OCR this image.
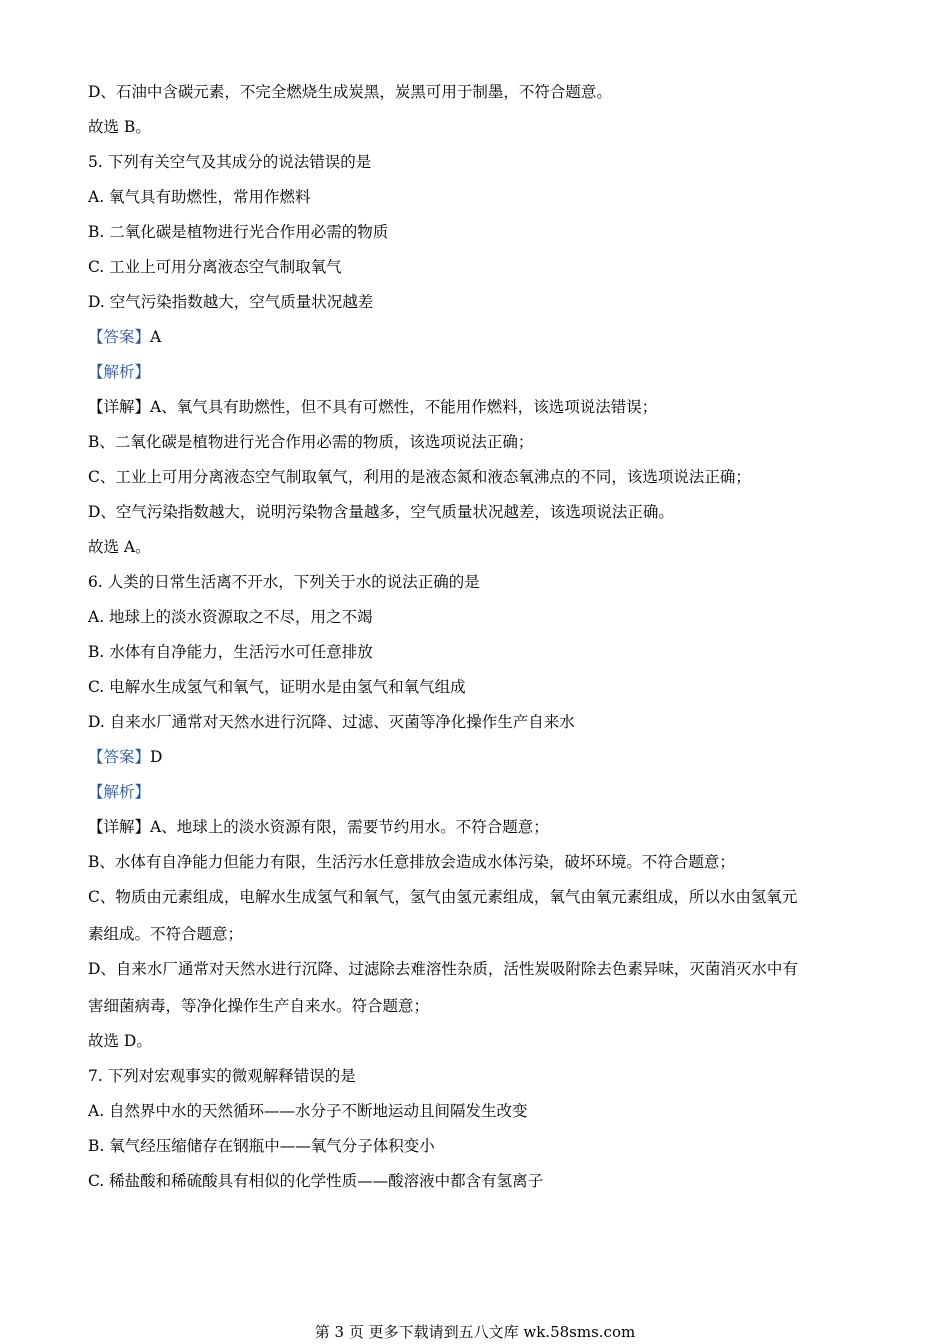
D、石油中含碳元素，不完全燃烧生成炭黑，炭黑可用于制墨，不符合题意。
故选 B。
5. 下列有关空气及其成分的说法错误的是
A. 氧气具有助燃性，常用作燃料
B. 二氧化碳是植物进行光合作用必需的物质
C. 工业上可用分离液态空气制取氧气
D. 空气污染指数越大，空气质量状况越差
【答案】A
【解析】
【详解】A、氧气具有助燃性，但不具有可燃性，不能用作燃料，该选项说法错误；
B、二氧化碳是植物进行光合作用必需的物质，该选项说法正确；
C、工业上可用分离液态空气制取氧气，利用的是液态氮和液态氧沸点的不同，该选项说法正确；
D、空气污染指数越大，说明污染物含量越多，空气质量状况越差，该选项说法正确。
故选 A。
6. 人类的日常生活离不开水，下列关于水的说法正确的是
A. 地球上的淡水资源取之不尽，用之不竭
B. 水体有自净能力，生活污水可任意排放
C. 电解水生成氢气和氧气，证明水是由氢气和氧气组成
D. 自来水厂通常对天然水进行沉降、过滤、灭菌等净化操作生产自来水
【答案】D
【解析】
【详解】A、地球上的淡水资源有限，需要节约用水。不符合题意；
B、水体有自净能力但能力有限，生活污水任意排放会造成水体污染，破坏环境。不符合题意；
C、物质由元素组成，电解水生成氢气和氧气，氢气由氢元素组成，氧气由氧元素组成，所以水由氢氧元
素组成。不符合题意；
D、自来水厂通常对天然水进行沉降、过滤除去难溶性杂质，活性炭吸附除去色素异味，灭菌消灭水中有
害细菌病毒，等净化操作生产自来水。符合题意；
故选 D。
7. 下列对宏观事实的微观解释错误的是
A. 自然界中水的天然循环——水分子不断地运动且间隔发生改变
B. 氧气经压缩储存在钢瓶中——氧气分子体积变小
C. 稀盐酸和稀硫酸具有相似的化学性质——酸溶液中都含有氢离子
第 3 页 更多下载请到五八文库 wk.58sms.com
